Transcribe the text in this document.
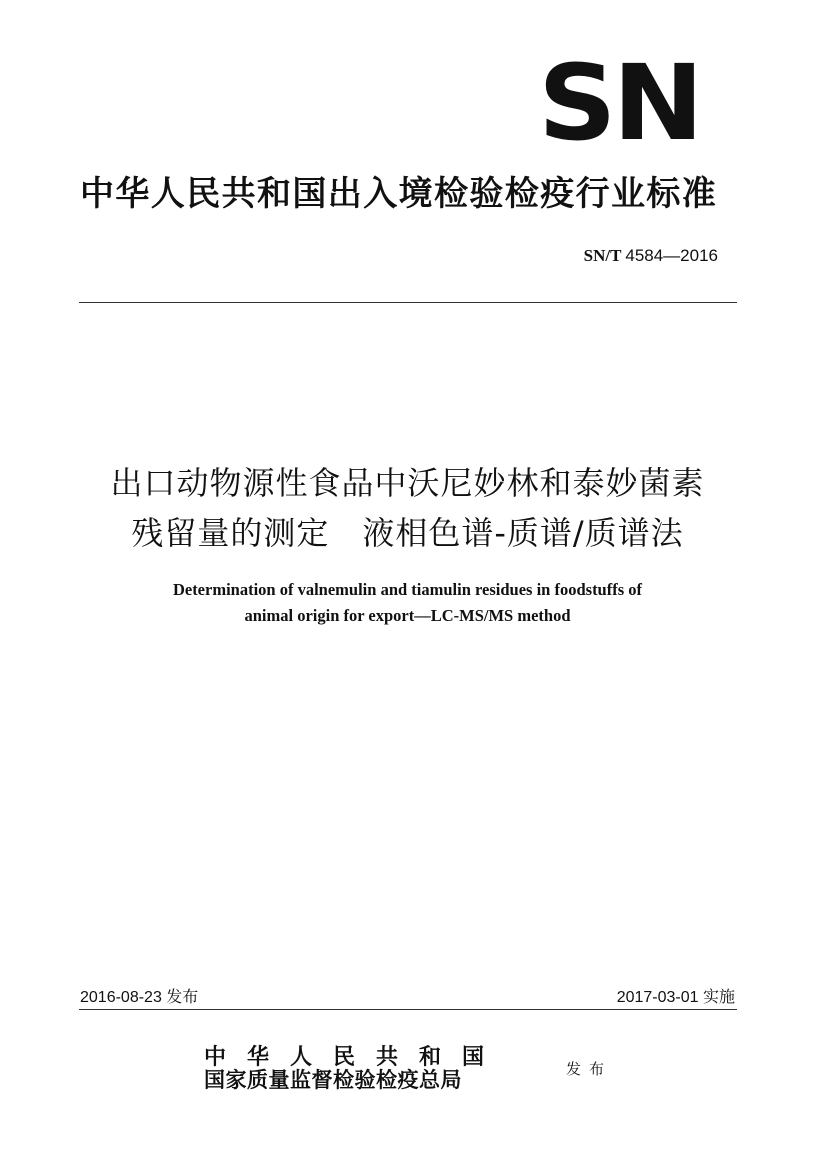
SN
中华人民共和国出入境检验检疫行业标准
SN/T 4584—2016
出口动物源性食品中沃尼妙林和泰妙菌素
残留量的测定　液相色谱-质谱/质谱法
Determination of valnemulin and tiamulin residues in foodstuffs of
animal origin for export—LC-MS/MS method
2016-08-23 发布	2017-03-01 实施
中华人民共和国
国家质量监督检验检疫总局	发布
